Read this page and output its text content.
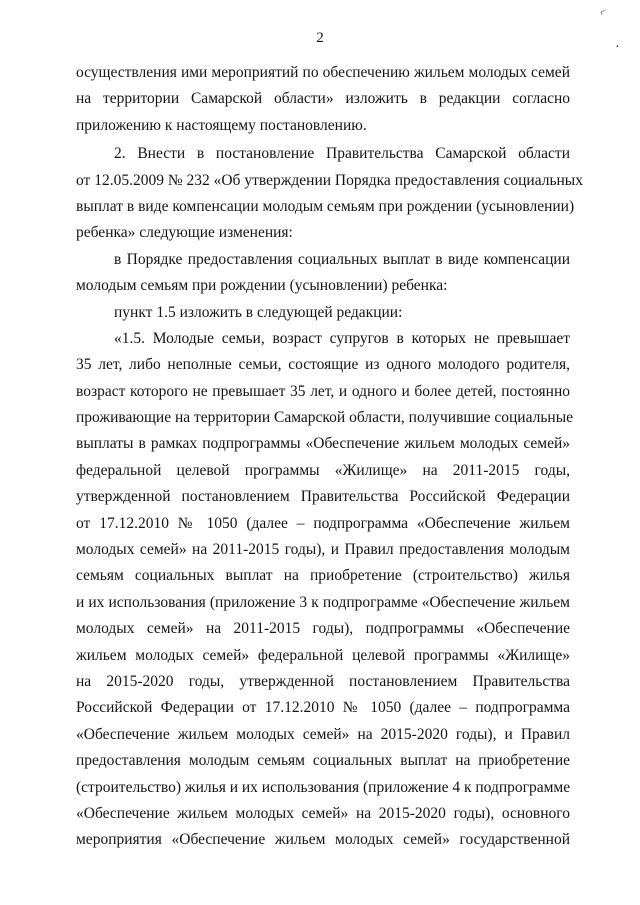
⌐
·
2
осуществления ими мероприятий по обеспечению жильем молодых семей
на территории Самарской области» изложить в редакции согласно
приложению к настоящему постановлению.
2. Внести в постановление Правительства Самарской области
от 12.05.2009 № 232 «Об утверждении Порядка предоставления социальных
выплат в виде компенсации молодым семьям при рождении (усыновлении)
ребенка» следующие изменения:
в Порядке предоставления социальных выплат в виде компенсации
молодым семьям при рождении (усыновлении) ребенка:
пункт 1.5 изложить в следующей редакции:
«1.5. Молодые семьи, возраст супругов в которых не превышает
35 лет, либо неполные семьи, состоящие из одного молодого родителя,
возраст которого не превышает 35 лет, и одного и более детей, постоянно
проживающие на территории Самарской области, получившие социальные
выплаты в рамках подпрограммы «Обеспечение жильем молодых семей»
федеральной целевой программы «Жилище» на 2011-2015 годы,
утвержденной постановлением Правительства Российской Федерации
от 17.12.2010 № 1050 (далее – подпрограмма «Обеспечение жильем
молодых семей» на 2011-2015 годы), и Правил предоставления молодым
семьям социальных выплат на приобретение (строительство) жилья
и их использования (приложение 3 к подпрограмме «Обеспечение жильем
молодых семей» на 2011-2015 годы), подпрограммы «Обеспечение
жильем молодых семей» федеральной целевой программы «Жилище»
на 2015-2020 годы, утвержденной постановлением Правительства
Российской Федерации от 17.12.2010 № 1050 (далее – подпрограмма
«Обеспечение жильем молодых семей» на 2015-2020 годы), и Правил
предоставления молодым семьям социальных выплат на приобретение
(строительство) жилья и их использования (приложение 4 к подпрограмме
«Обеспечение жильем молодых семей» на 2015-2020 годы), основного
мероприятия «Обеспечение жильем молодых семей» государственной
